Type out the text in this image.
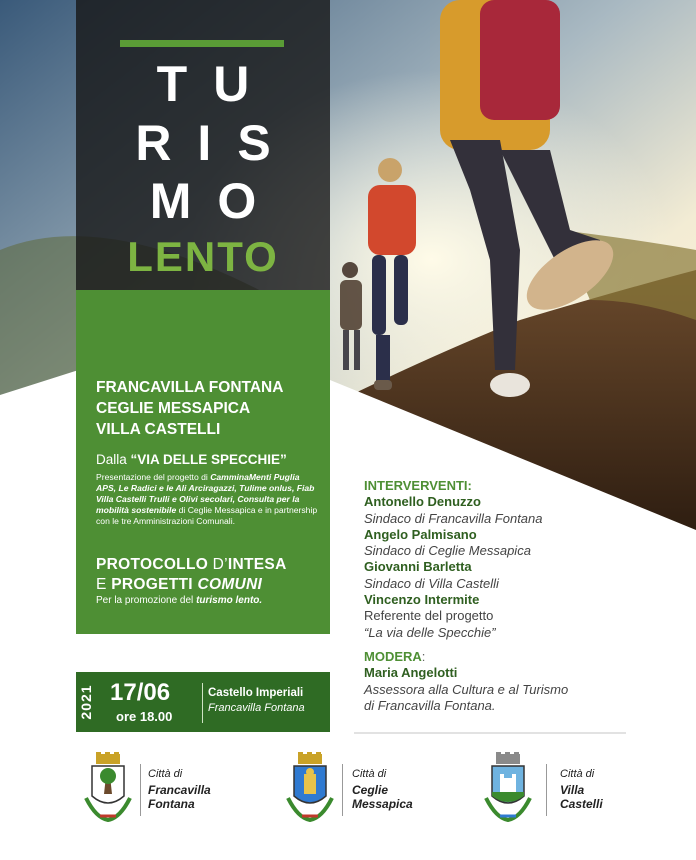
TU
RIS
MO
LENTO
FRANCAVILLA FONTANA
CEGLIE MESSAPICA
VILLA CASTELLI
Dalla “VIA DELLE SPECCHIE”
Presentazione del progetto di CamminaMenti Puglia APS, Le Radici e le Ali Arciragazzi, Tulime onlus, Fiab Villa Castelli Trulli e Olivi secolari, Consulta per la mobilità sostenibile di Ceglie Messapica e in partnership con le tre Amministrazioni Comunali.
PROTOCOLLO D’INTESA
E PROGETTI COMUNI
Per la promozione del turismo lento.
INTERVERVENTI:
Antonello Denuzzo
Sindaco di Francavilla Fontana
Angelo Palmisano
Sindaco di Ceglie Messapica
Giovanni Barletta
Sindaco di Villa Castelli
Vincenzo Intermite
Referente del progetto
“La via delle Specchie”
MODERA:
Maria Angelotti
Assessora alla Cultura e al Turismo
di Francavilla Fontana.
2021 17/06
ore 18.00
Castello Imperiali
Francavilla Fontana
Città di
Francavilla
Fontana
Città di
Ceglie
Messapica
Città di
Villa
Castelli
